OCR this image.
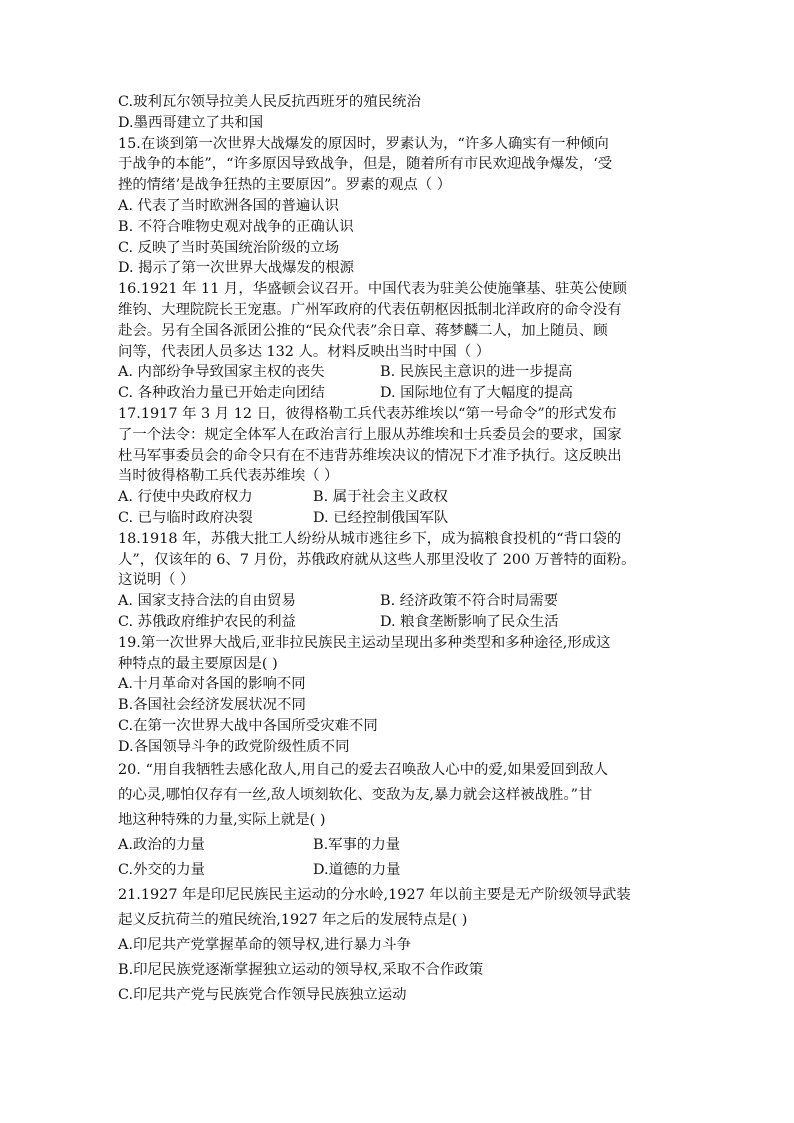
C.玻利瓦尔领导拉美人民反抗西班牙的殖民统治
D.墨西哥建立了共和国
15.在谈到第一次世界大战爆发的原因时，罗素认为，“许多人确实有一种倾向
于战争的本能”，“许多原因导致战争，但是，随着所有市民欢迎战争爆发，‘受
挫的情绪’是战争狂热的主要原因”。罗素的观点（ ）
A. 代表了当时欧洲各国的普遍认识
B. 不符合唯物史观对战争的正确认识
C. 反映了当时英国统治阶级的立场
D. 揭示了第一次世界大战爆发的根源
16.1921 年 11 月，华盛顿会议召开。中国代表为驻美公使施肇基、驻英公使顾
维钧、大理院院长王宠惠。广州军政府的代表伍朝枢因抵制北洋政府的命令没有
赴会。另有全国各派团公推的“民众代表”余日章、蒋梦麟二人，加上随员、顾
问等，代表团人员多达 132 人。材料反映出当时中国（ ）
A. 内部纷争导致国家主权的丧失	B. 民族民主意识的进一步提高
C. 各种政治力量已开始走向团结	D. 国际地位有了大幅度的提高
17.1917 年 3 月 12 日，彼得格勒工兵代表苏维埃以“第一号命令”的形式发布
了一个法令：规定全体军人在政治言行上服从苏维埃和士兵委员会的要求，国家
杜马军事委员会的命令只有在不违背苏维埃决议的情况下才准予执行。这反映出
当时彼得格勒工兵代表苏维埃（ ）
A. 行使中央政府权力	B. 属于社会主义政权
C. 已与临时政府决裂	D. 已经控制俄国军队
18.1918 年，苏俄大批工人纷纷从城市逃往乡下，成为搞粮食投机的“背口袋的
人”，仅该年的 6、7 月份，苏俄政府就从这些人那里没收了 200 万普特的面粉。
这说明（ ）
A. 国家支持合法的自由贸易	B. 经济政策不符合时局需要
C. 苏俄政府维护农民的利益	D. 粮食垄断影响了民众生活
19.第一次世界大战后,亚非拉民族民主运动呈现出多种类型和多种途径,形成这
种特点的最主要原因是( )
A.十月革命对各国的影响不同
B.各国社会经济发展状况不同
C.在第一次世界大战中各国所受灾难不同
D.各国领导斗争的政党阶级性质不同
20. “用自我牺牲去感化敌人,用自己的爱去召唤敌人心中的爱,如果爱回到敌人
的心灵,哪怕仅存有一丝,敌人顷刻软化、变敌为友,暴力就会这样被战胜。”甘
地这种特殊的力量,实际上就是( )
A.政治的力量	B.军事的力量
C.外交的力量	D.道德的力量
21.1927 年是印尼民族民主运动的分水岭,1927 年以前主要是无产阶级领导武装
起义反抗荷兰的殖民统治,1927 年之后的发展特点是( )
A.印尼共产党掌握革命的领导权,进行暴力斗争
B.印尼民族党逐渐掌握独立运动的领导权,采取不合作政策
C.印尼共产党与民族党合作领导民族独立运动
